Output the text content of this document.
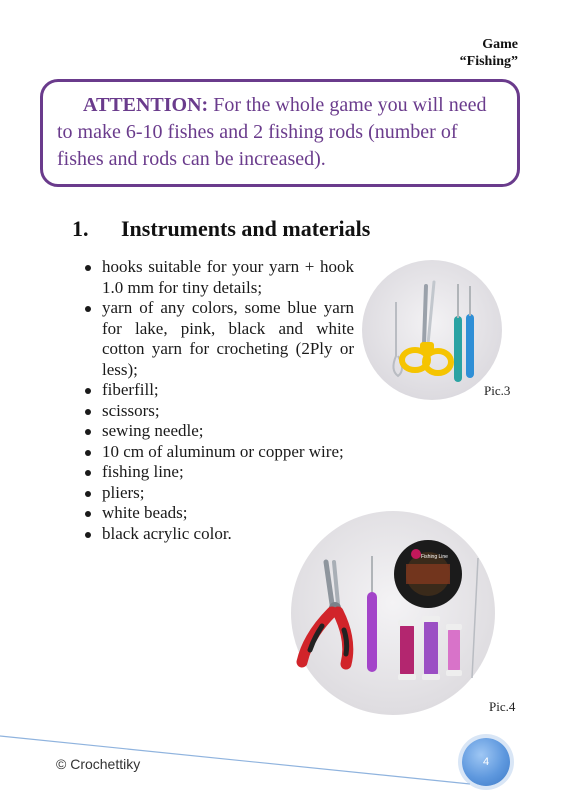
Game
“Fishing”
ATTENTION: For the whole game you will need to make 6-10 fishes and 2 fishing rods (number of fishes and rods can be increased).
1. Instruments and materials
hooks suitable for your yarn + hook 1.0 mm for tiny details;
yarn of any colors, some blue yarn for lake, pink, black and white cotton yarn for crocheting (2Ply or less);
fiberfill;
scissors;
sewing needle;
10 cm of aluminum or copper wire;
fishing line;
pliers;
white beads;
black acrylic color.
Pic.3
Fishing Line
Pic.4
© Crochettiky	4
